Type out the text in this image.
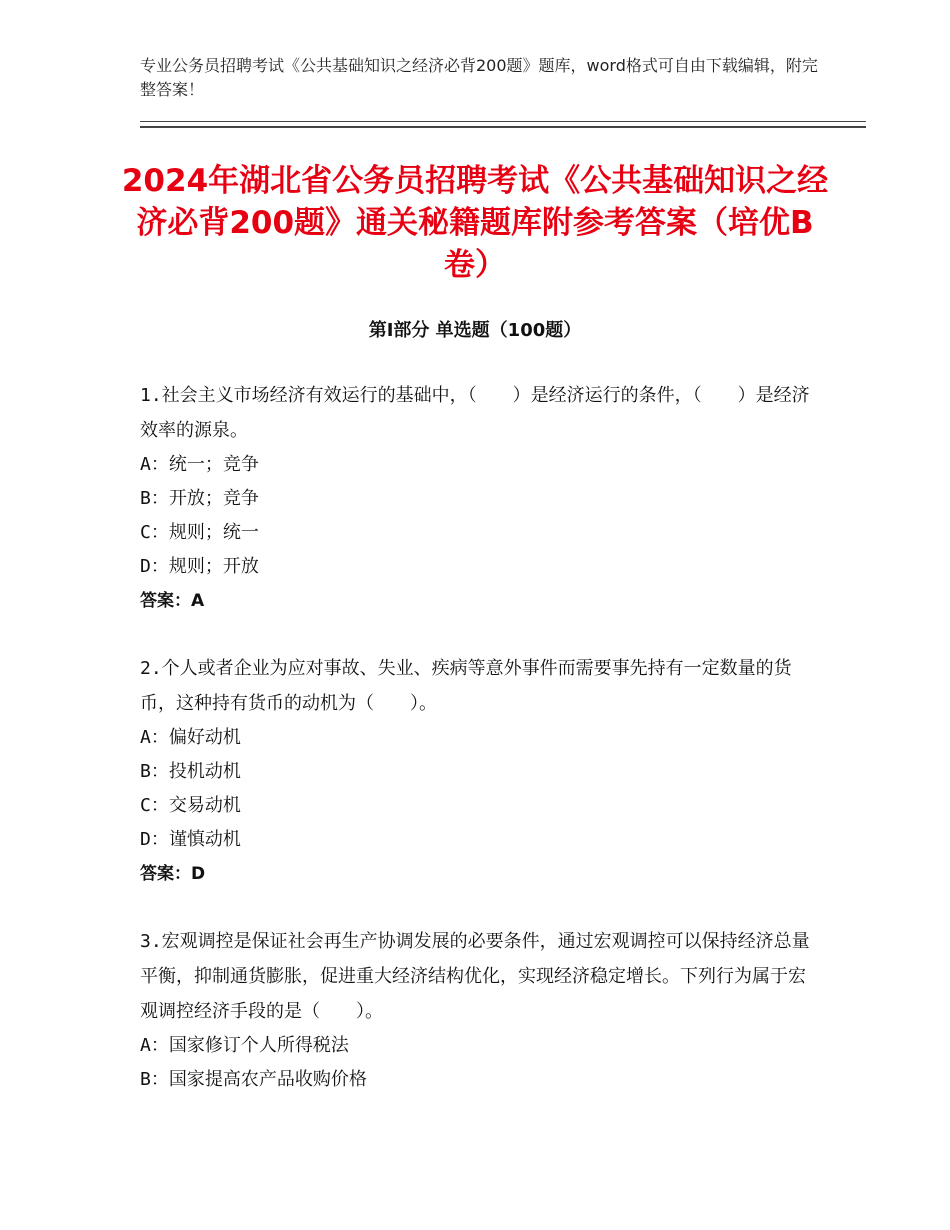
专业公务员招聘考试《公共基础知识之经济必背200题》题库，word格式可自由下载编辑，附完整答案！
2024年湖北省公务员招聘考试《公共基础知识之经济必背200题》通关秘籍题库附参考答案（培优B卷）
第Ⅰ部分 单选题（100题）
1.社会主义市场经济有效运行的基础中，（　　）是经济运行的条件，（　　）是经济效率的源泉。
A：统一；竞争
B：开放；竞争
C：规则；统一
D：规则；开放
答案：A
2.个人或者企业为应对事故、失业、疾病等意外事件而需要事先持有一定数量的货币，这种持有货币的动机为（　　）。
A：偏好动机
B：投机动机
C：交易动机
D：谨慎动机
答案：D
3.宏观调控是保证社会再生产协调发展的必要条件，通过宏观调控可以保持经济总量平衡，抑制通货膨胀，促进重大经济结构优化，实现经济稳定增长。下列行为属于宏观调控经济手段的是（　　）。
A：国家修订个人所得税法
B：国家提高农产品收购价格
